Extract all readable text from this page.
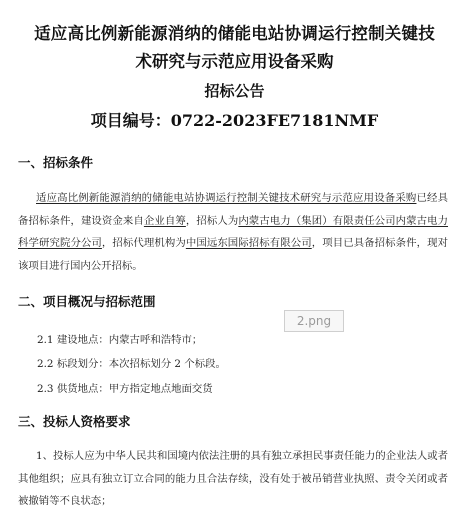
适应高比例新能源消纳的储能电站协调运行控制关键技
术研究与示范应用设备采购
招标公告
项目编号：0722-2023FE7181NMF
一、招标条件
适应高比例新能源消纳的储能电站协调运行控制关键技术研究与示范应用设备采购已经具备招标条件，建设资金来自企业自筹，招标人为内蒙古电力（集团）有限责任公司内蒙古电力科学研究院分公司，招标代理机构为中国远东国际招标有限公司，项目已具备招标条件，现对该项目进行国内公开招标。
二、项目概况与招标范围
2.1 建设地点：内蒙古呼和浩特市；
2.2 标段划分：本次招标划分 2 个标段。
2.3 供货地点：甲方指定地点地面交货
2.png
三、投标人资格要求
1、投标人应为中华人民共和国境内依法注册的具有独立承担民事责任能力的企业法人或者其他组织；应具有独立订立合同的能力且合法存续，没有处于被吊销营业执照、责令关闭或者被撤销等不良状态；
